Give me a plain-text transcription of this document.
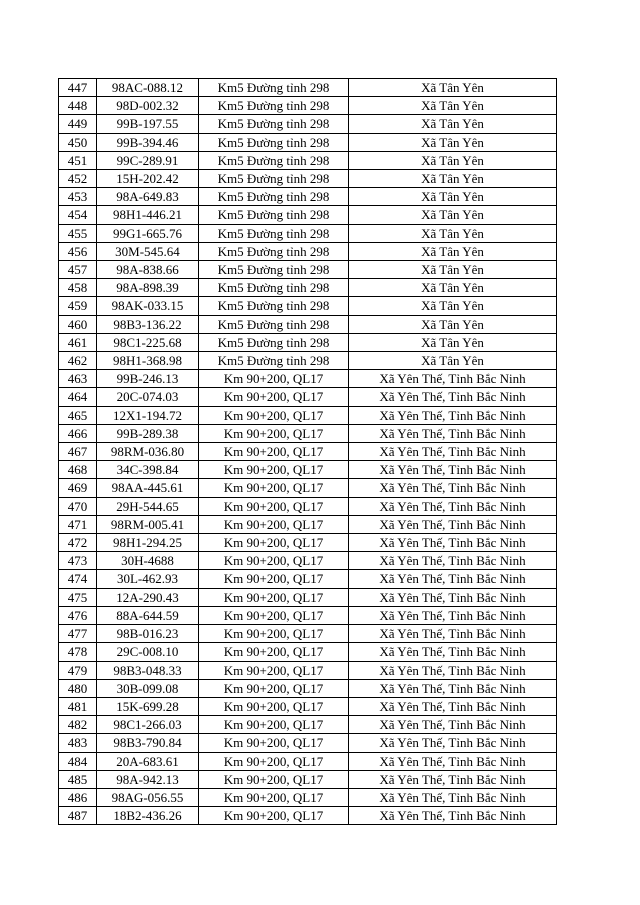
447	98AC-088.12	Km5 Đường tỉnh 298	Xã Tân Yên
448	98D-002.32	Km5 Đường tỉnh 298	Xã Tân Yên
449	99B-197.55	Km5 Đường tỉnh 298	Xã Tân Yên
450	99B-394.46	Km5 Đường tỉnh 298	Xã Tân Yên
451	99C-289.91	Km5 Đường tỉnh 298	Xã Tân Yên
452	15H-202.42	Km5 Đường tỉnh 298	Xã Tân Yên
453	98A-649.83	Km5 Đường tỉnh 298	Xã Tân Yên
454	98H1-446.21	Km5 Đường tỉnh 298	Xã Tân Yên
455	99G1-665.76	Km5 Đường tỉnh 298	Xã Tân Yên
456	30M-545.64	Km5 Đường tỉnh 298	Xã Tân Yên
457	98A-838.66	Km5 Đường tỉnh 298	Xã Tân Yên
458	98A-898.39	Km5 Đường tỉnh 298	Xã Tân Yên
459	98AK-033.15	Km5 Đường tỉnh 298	Xã Tân Yên
460	98B3-136.22	Km5 Đường tỉnh 298	Xã Tân Yên
461	98C1-225.68	Km5 Đường tỉnh 298	Xã Tân Yên
462	98H1-368.98	Km5 Đường tỉnh 298	Xã Tân Yên
463	99B-246.13	Km 90+200, QL17	Xã Yên Thế, Tỉnh Bắc Ninh
464	20C-074.03	Km 90+200, QL17	Xã Yên Thế, Tỉnh Bắc Ninh
465	12X1-194.72	Km 90+200, QL17	Xã Yên Thế, Tỉnh Bắc Ninh
466	99B-289.38	Km 90+200, QL17	Xã Yên Thế, Tỉnh Bắc Ninh
467	98RM-036.80	Km 90+200, QL17	Xã Yên Thế, Tỉnh Bắc Ninh
468	34C-398.84	Km 90+200, QL17	Xã Yên Thế, Tỉnh Bắc Ninh
469	98AA-445.61	Km 90+200, QL17	Xã Yên Thế, Tỉnh Bắc Ninh
470	29H-544.65	Km 90+200, QL17	Xã Yên Thế, Tỉnh Bắc Ninh
471	98RM-005.41	Km 90+200, QL17	Xã Yên Thế, Tỉnh Bắc Ninh
472	98H1-294.25	Km 90+200, QL17	Xã Yên Thế, Tỉnh Bắc Ninh
473	30H-4688	Km 90+200, QL17	Xã Yên Thế, Tỉnh Bắc Ninh
474	30L-462.93	Km 90+200, QL17	Xã Yên Thế, Tỉnh Bắc Ninh
475	12A-290.43	Km 90+200, QL17	Xã Yên Thế, Tỉnh Bắc Ninh
476	88A-644.59	Km 90+200, QL17	Xã Yên Thế, Tỉnh Bắc Ninh
477	98B-016.23	Km 90+200, QL17	Xã Yên Thế, Tỉnh Bắc Ninh
478	29C-008.10	Km 90+200, QL17	Xã Yên Thế, Tỉnh Bắc Ninh
479	98B3-048.33	Km 90+200, QL17	Xã Yên Thế, Tỉnh Bắc Ninh
480	30B-099.08	Km 90+200, QL17	Xã Yên Thế, Tỉnh Bắc Ninh
481	15K-699.28	Km 90+200, QL17	Xã Yên Thế, Tỉnh Bắc Ninh
482	98C1-266.03	Km 90+200, QL17	Xã Yên Thế, Tỉnh Bắc Ninh
483	98B3-790.84	Km 90+200, QL17	Xã Yên Thế, Tỉnh Bắc Ninh
484	20A-683.61	Km 90+200, QL17	Xã Yên Thế, Tỉnh Bắc Ninh
485	98A-942.13	Km 90+200, QL17	Xã Yên Thế, Tỉnh Bắc Ninh
486	98AG-056.55	Km 90+200, QL17	Xã Yên Thế, Tỉnh Bắc Ninh
487	18B2-436.26	Km 90+200, QL17	Xã Yên Thế, Tỉnh Bắc Ninh
